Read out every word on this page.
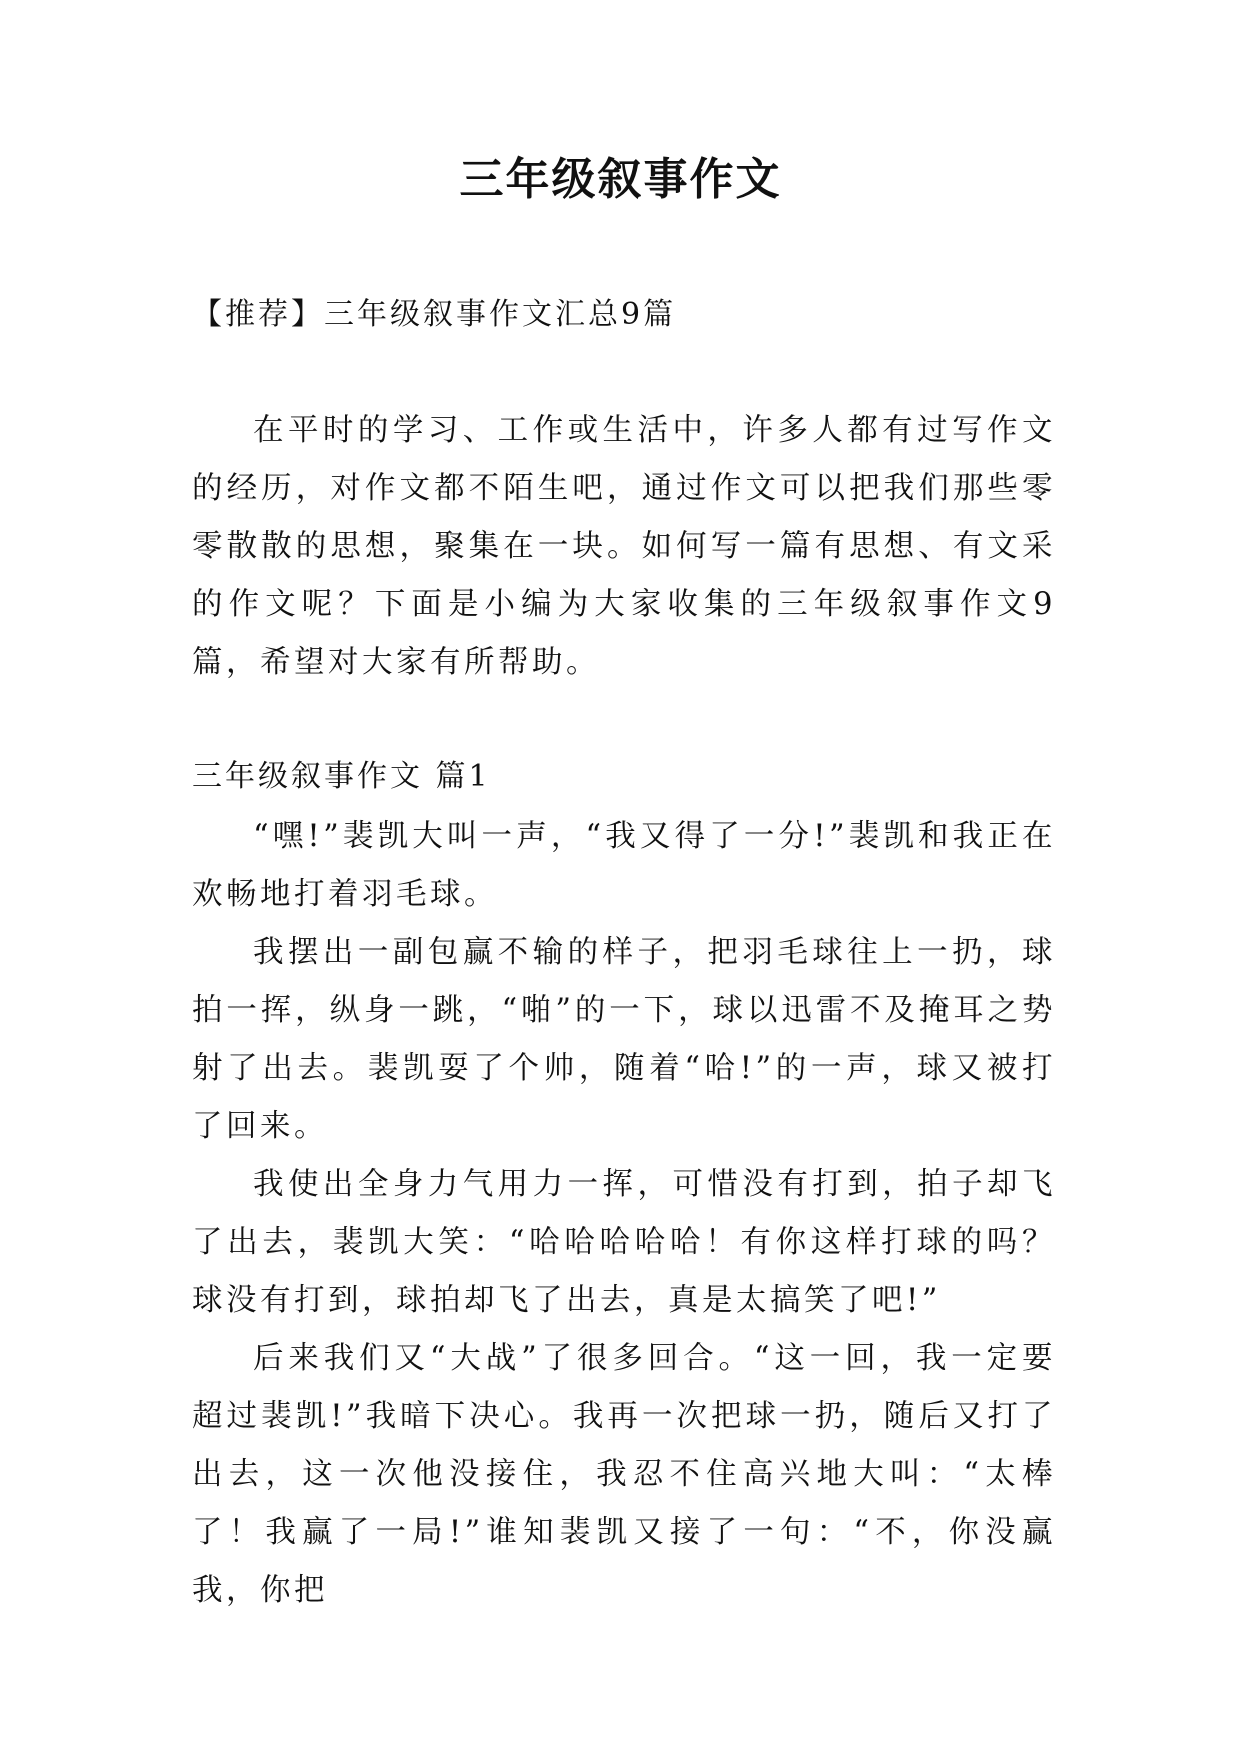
三年级叙事作文

【推荐】三年级叙事作文汇总9篇

在平时的学习、工作或生活中，许多人都有过写作文的经历，对作文都不陌生吧，通过作文可以把我们那些零零散散的思想，聚集在一块。如何写一篇有思想、有文采的作文呢？下面是小编为大家收集的三年级叙事作文9篇，希望对大家有所帮助。

三年级叙事作文 篇1

“嘿!”裴凯大叫一声，“我又得了一分!”裴凯和我正在欢畅地打着羽毛球。

我摆出一副包赢不输的样子，把羽毛球往上一扔，球拍一挥，纵身一跳，“啪”的一下，球以迅雷不及掩耳之势射了出去。裴凯耍了个帅，随着“哈!”的一声，球又被打了回来。

我使出全身力气用力一挥，可惜没有打到，拍子却飞了出去，裴凯大笑：“哈哈哈哈哈！有你这样打球的吗？球没有打到，球拍却飞了出去，真是太搞笑了吧!”

后来我们又“大战”了很多回合。“这一回，我一定要超过裴凯!”我暗下决心。我再一次把球一扔，随后又打了出去，这一次他没接住，我忍不住高兴地大叫：“太棒了！我赢了一局!”谁知裴凯又接了一句：“不，你没赢我，你把
